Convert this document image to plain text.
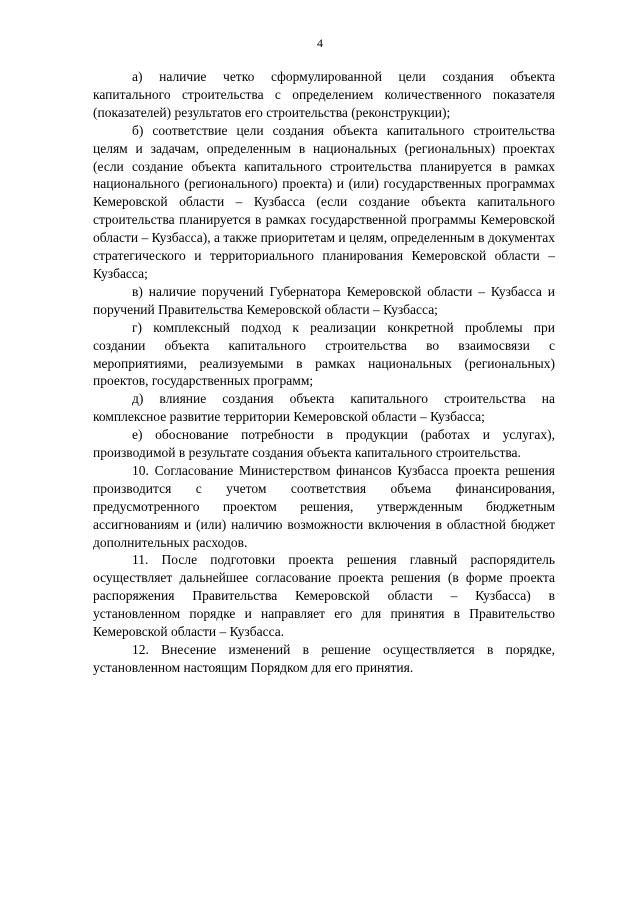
4

а) наличие четко сформулированной цели создания объекта капитального строительства с определением количественного показателя (показателей) результатов его строительства (реконструкции);

б) соответствие цели создания объекта капитального строительства целям и задачам, определенным в национальных (региональных) проектах (если создание объекта капитального строительства планируется в рамках национального (регионального) проекта) и (или) государственных программах Кемеровской области – Кузбасса (если создание объекта капитального строительства планируется в рамках государственной программы Кемеровской области – Кузбасса), а также приоритетам и целям, определенным в документах стратегического и территориального планирования Кемеровской области – Кузбасса;

в) наличие поручений Губернатора Кемеровской области – Кузбасса и поручений Правительства Кемеровской области – Кузбасса;

г) комплексный подход к реализации конкретной проблемы при создании объекта капитального строительства во взаимосвязи с мероприятиями, реализуемыми в рамках национальных (региональных) проектов, государственных программ;

д) влияние создания объекта капитального строительства на комплексное развитие территории Кемеровской области – Кузбасса;

е) обоснование потребности в продукции (работах и услугах), производимой в результате создания объекта капитального строительства.

10. Согласование Министерством финансов Кузбасса проекта решения производится с учетом соответствия объема финансирования, предусмотренного проектом решения, утвержденным бюджетным ассигнованиям и (или) наличию возможности включения в областной бюджет дополнительных расходов.

11. После подготовки проекта решения главный распорядитель осуществляет дальнейшее согласование проекта решения (в форме проекта распоряжения Правительства Кемеровской области – Кузбасса) в установленном порядке и направляет его для принятия в Правительство Кемеровской области – Кузбасса.

12. Внесение изменений в решение осуществляется в порядке, установленном настоящим Порядком для его принятия.
